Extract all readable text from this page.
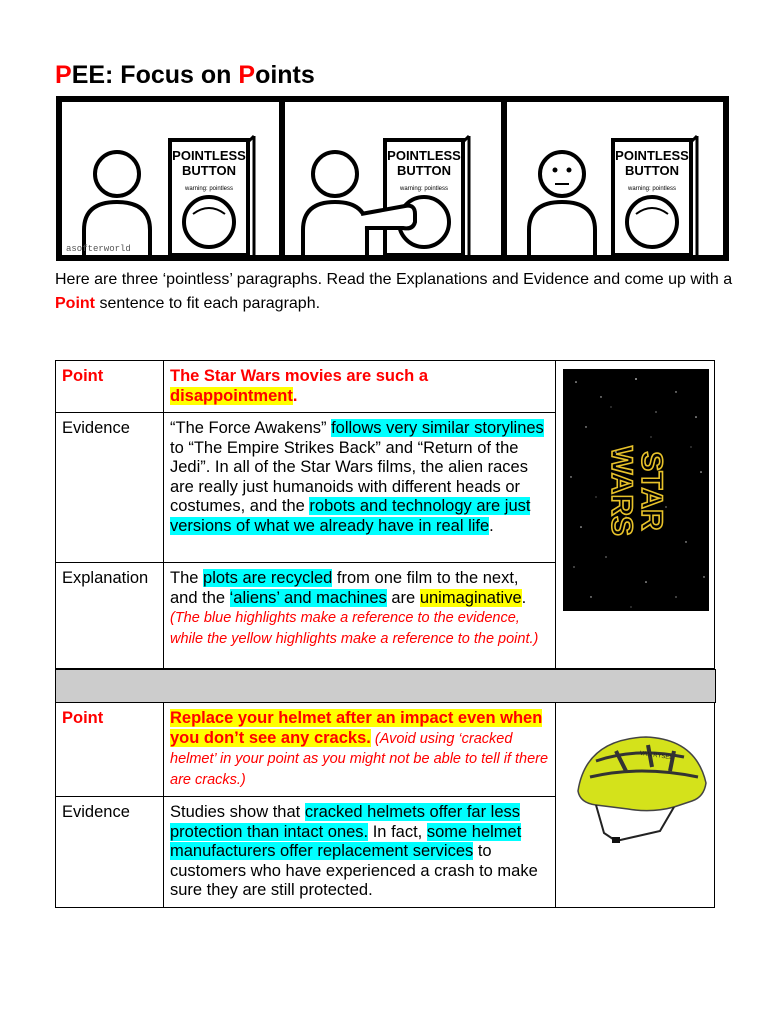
PEE: Focus on Points
POINTLESS
BUTTON
warning: pointless
asofterworld
POINTLESS
BUTTON
warning: pointless
POINTLESS
BUTTON
warning: pointless

Here are three ‘pointless’ paragraphs. Read the Explanations and Evidence and come up with a Point sentence to fit each paragraph.

Point	The Star Wars movies are such a disappointment.	STAR
WARS

Evidence	“The Force Awakens” follows very similar storylines to “The Empire Strikes Back” and “Return of the Jedi”. In all of the Star Wars films, the alien races are really just humanoids with different heads or costumes, and the robots and technology are just versions of what we already have in real life.	
Explanation	The plots are recycled from one film to the next, and the ‘aliens’ and machines are unimaginative. (The blue highlights make a reference to the evidence, while the yellow highlights make a reference to the point.)	
Point	Replace your helmet after an impact even when you don’t see any cracks. (Avoid using ‘cracked helmet’ in your point as you might not be able to tell if there are cracks.)	VAN RYSEL

Evidence	Studies show that cracked helmets offer far less protection than intact ones. In fact, some helmet manufacturers offer replacement services to customers who have experienced a crash to make sure they are still protected.	
